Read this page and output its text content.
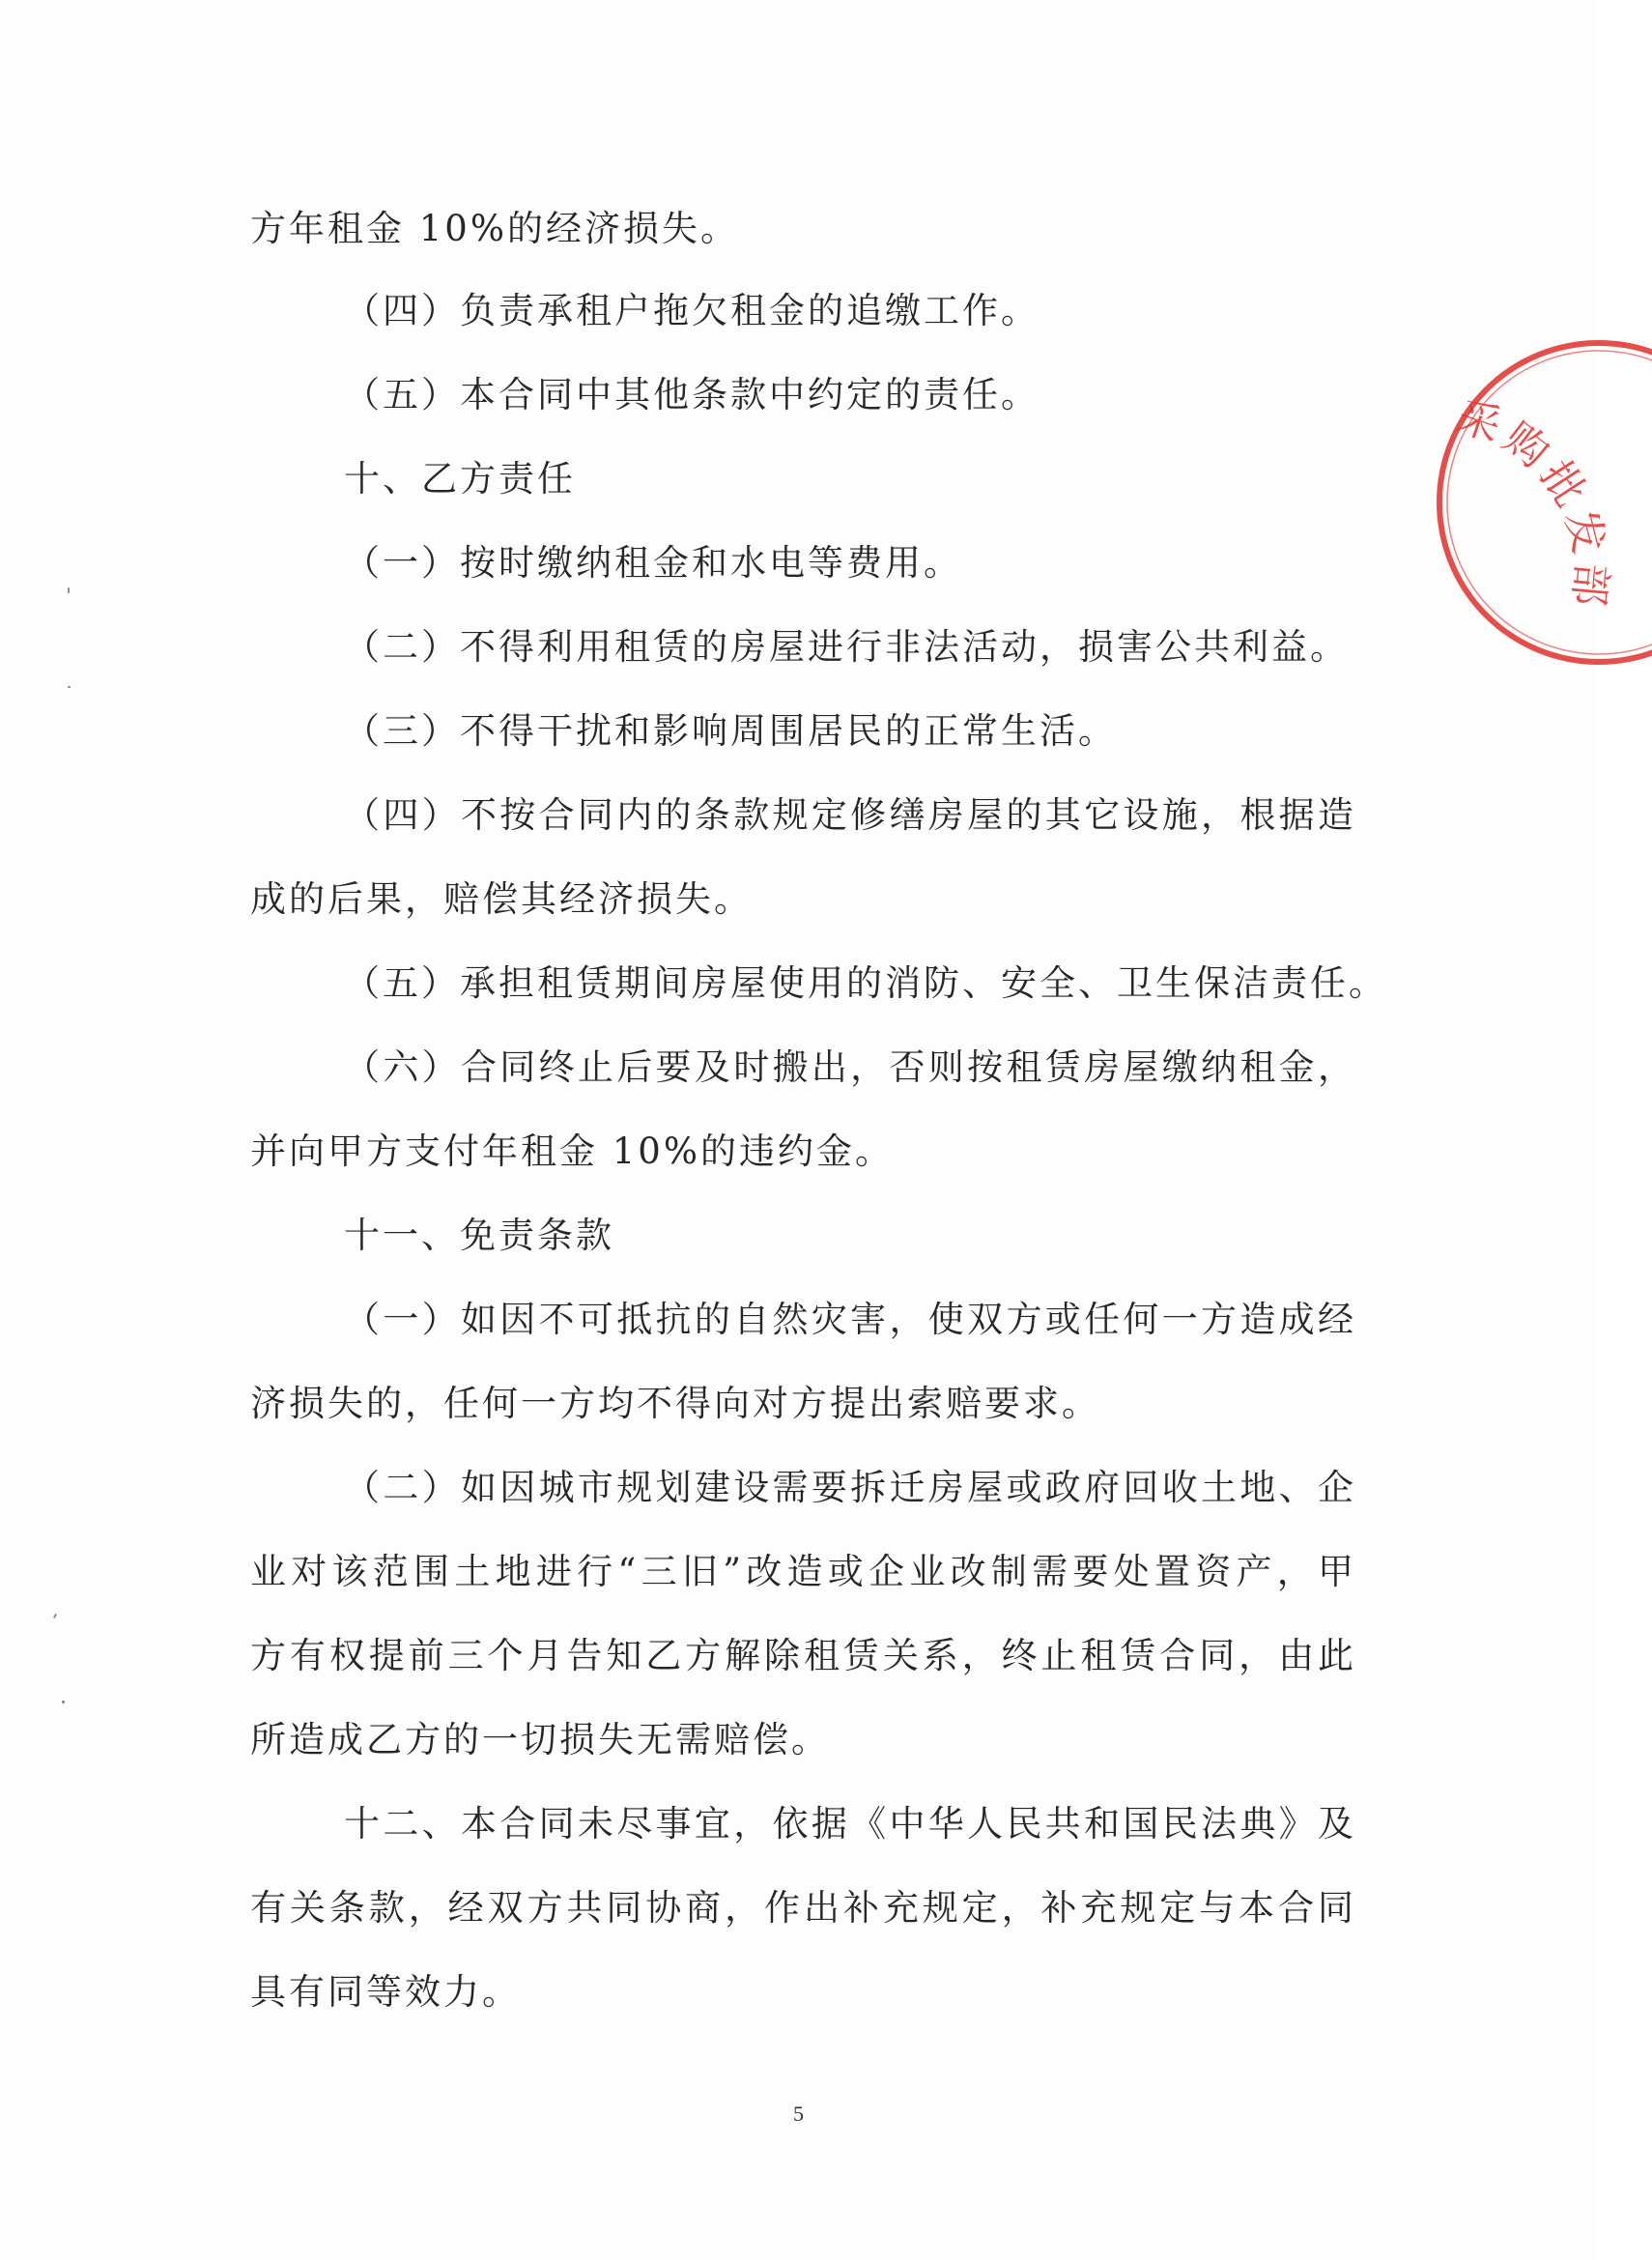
方年租金 10%的经济损失。
（四）负责承租户拖欠租金的追缴工作。
（五）本合同中其他条款中约定的责任。
十、乙方责任
（一）按时缴纳租金和水电等费用。
（二）不得利用租赁的房屋进行非法活动，损害公共利益。
（三）不得干扰和影响周围居民的正常生活。
（四）不按合同内的条款规定修缮房屋的其它设施，根据造
成的后果，赔偿其经济损失。
（五）承担租赁期间房屋使用的消防、安全、卫生保洁责任。
（六）合同终止后要及时搬出，否则按租赁房屋缴纳租金，
并向甲方支付年租金 10%的违约金。
十一、免责条款
（一）如因不可抵抗的自然灾害，使双方或任何一方造成经
济损失的，任何一方均不得向对方提出索赔要求。
（二）如因城市规划建设需要拆迁房屋或政府回收土地、企
业对该范围土地进行“三旧”改造或企业改制需要处置资产，甲
方有权提前三个月告知乙方解除租赁关系，终止租赁合同，由此
所造成乙方的一切损失无需赔偿。
十二、本合同未尽事宜，依据《中华人民共和国民法典》及
有关条款，经双方共同协商，作出补充规定，补充规定与本合同
具有同等效力。
5
采购批发部
